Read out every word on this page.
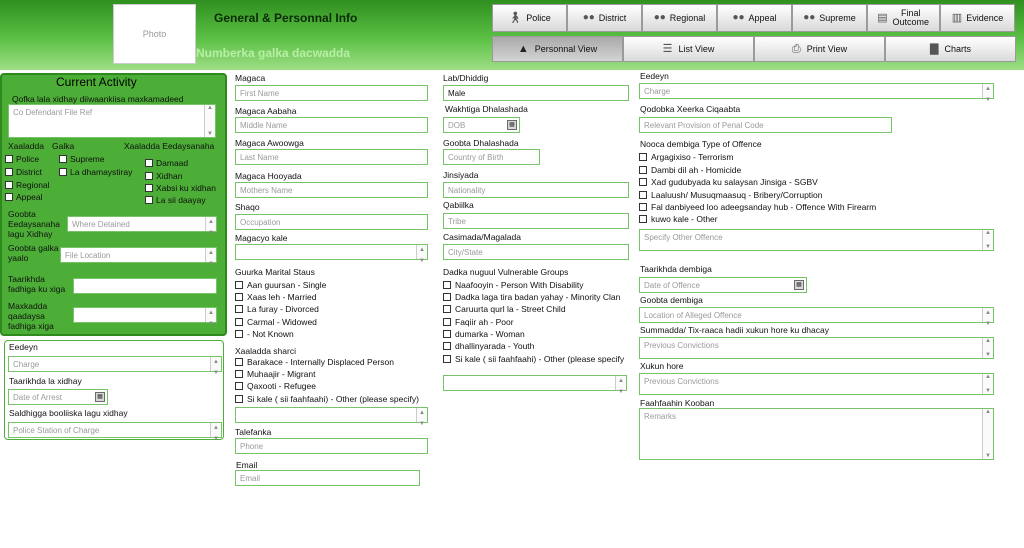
Photo
General & Personnal Info
Numberka galka dacwadda
🚶︎ Police	●● District	●● Regional	●● Appeal	●● Supreme ▤	Final Outcome ▥ Evidence
▲ Personnal View	☰ List View	⎙ Print View	▇ Charts
Current Activity
Qofka lala xidhay diiwaankiisa maxkamadeed
Co Defendant File Ref	▲
▼
Xaaladda Galka	Xaaladda Eedaysanaha
Police
District
Regional
Appeal
Supreme
La dhamaystiray
Damaad
Xidhan
Xabsi ku xidhan
La sii daayay
Goobta Eedaysanaha lagu Xidhay
Where Detained	▲
▼
Goobta galka yaalo	File Location	▲
▼
Taarikhda fadhiga ku xiga
Maxkadda qaadaysa fadhiga xiga
▲
▼
Eedeyn
Charge	▲
▼
Taarikhda la xidhay
Date of Arrest	▦
Saldhigga booliiska lagu xidhay
Police Station of Charge	▲
▼
Magaca
First Name
Magaca Aabaha
Middle Name
Magaca Awoowga
Last Name
Magaca Hooyada
Mothers Name
Shaqo
Occupation
Magacyo kale
▲
▼
Guurka Marital Staus
Aan guursan - Single
Xaas leh - Married
La furay - Divorced
Carmal - Widowed
- Not Known
Xaaladda sharci
Barakace - Internally Displaced Person
Muhaajir - Migrant
Qaxooti - Refugee
Si kale ( sii faahfaahi) - Other (please specify)
▲
▼
Talefanka
Phone
Email
Email
Lab/Dhiddig
Male
Wakhtiga Dhalashada
DOB	▦
Goobta Dhalashada
Country of Birth
Jinsiyada
Nationality
Qabiilka
Tribe
Casimada/Magalada
City/State
Dadka nuguul Vulnerable Groups
Naafooyin - Person With Disability
Dadka laga tira badan yahay - Minority Clan
Caruurta qurl la - Street Child
Faqiir ah - Poor
dumarka - Woman
dhallinyarada - Youth
Si kale ( sii faahfaahi) - Other (please specify
▲
▼
Eedeyn
Charge	▲
▼
Qodobka Xeerka Ciqaabta
Relevant Provision of Penal Code
Nooca dembiga Type of Offence
Argagixiso - Terrorism
Dambi dil ah - Homicide
Xad gudubyada ku salaysan Jinsiga - SGBV
Laaluush/ Musuqmaasuq - Bribery/Corruption
Fal danbiyeed loo adeegsanday hub - Offence With Firearm
kuwo kale - Other
Specify Other Offence	▲
▼
Taarikhda dembiga
Date of Offence	▦
Goobta dembiga
Location of Alleged Offence	▲
▼
Summadda/ Tix-raaca hadii xukun hore ku dhacay
Previous Convictions	▲
▼
Xukun hore
Previous Convictions	▲
▼
Faahfaahin Kooban
Remarks	▲
▼
